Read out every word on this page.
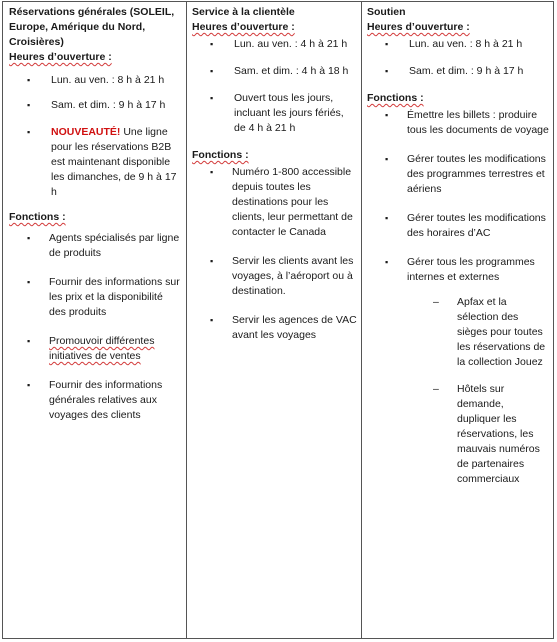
Réservations générales (SOLEIL, Europe, Amérique du Nord, Croisières)

Heures d’ouverture :

▪ Lun. au ven. : 8 h à 21 h
▪ Sam. et dim. : 9 h à 17 h
▪ NOUVEAUTÉ! Une ligne pour les réservations B2B est maintenant disponible les dimanches, de 9 h à 17 h

Fonctions :

▪ Agents spécialisés par ligne de produits
▪ Fournir des informations sur les prix et la disponibilité des produits
▪ Promouvoir différentes initiatives de ventes
▪ Fournir des informations générales relatives aux voyages des clients

Service à la clientèle

Heures d’ouverture :

▪ Lun. au ven. : 4 h à 21 h
▪ Sam. et dim. : 4 h à 18 h
▪ Ouvert tous les jours, incluant les jours fériés, de 4 h à 21 h

Fonctions :

▪ Numéro 1-800 accessible depuis toutes les destinations pour les clients, leur permettant de contacter le Canada
▪ Servir les clients avant les voyages, à l’aéroport ou à destination.
▪ Servir les agences de VAC avant les voyages

Soutien

Heures d’ouverture :

▪ Lun. au ven. : 8 h à 21 h
▪ Sam. et dim. : 9 h à 17 h

Fonctions :

▪ Émettre les billets : produire tous les documents de voyage
▪ Gérer toutes les modifications des programmes terrestres et aériens
▪ Gérer toutes les modifications des horaires d’AC
▪ Gérer tous les programmes internes et externes
– Apfax et la sélection des sièges pour toutes les réservations de la collection Jouez
– Hôtels sur demande, dupliquer les réservations, les mauvais numéros de partenaires commerciaux
